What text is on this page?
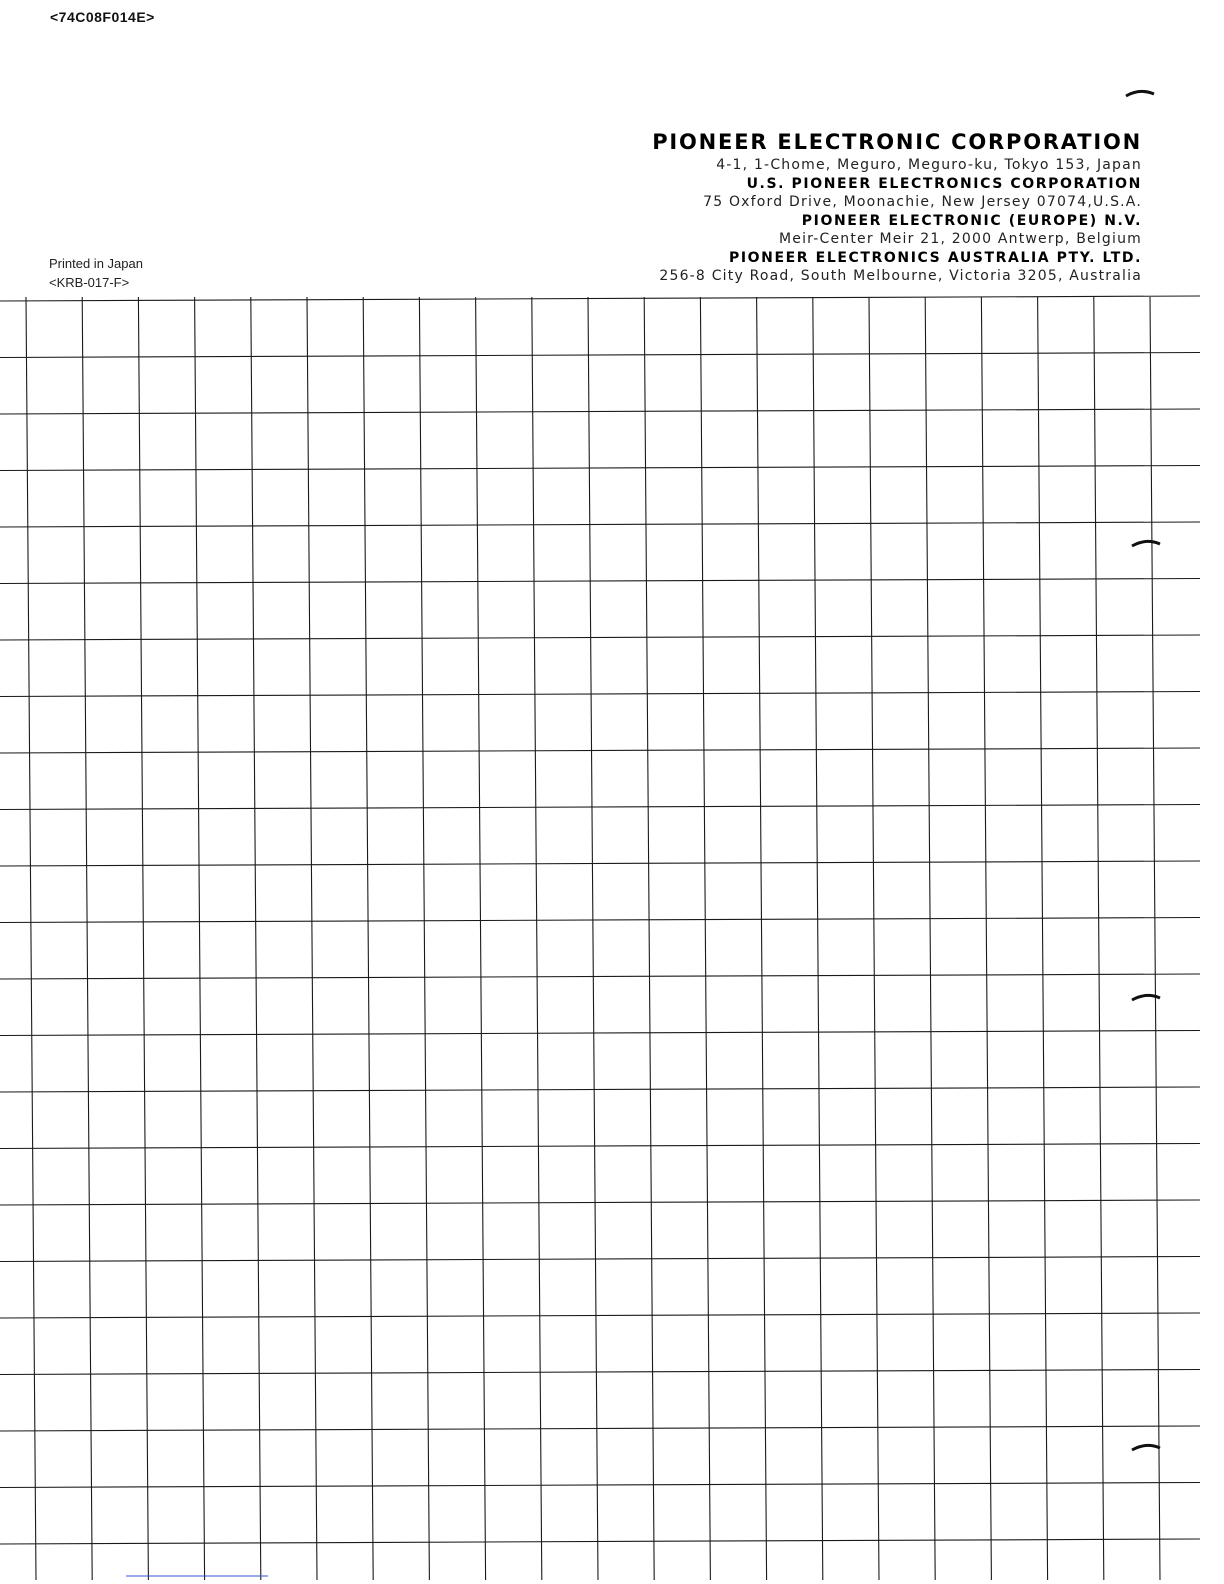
<74C08F014E>
Printed in Japan
<KRB-017-F>
PIONEER ELECTRONIC CORPORATION
4-1, 1-Chome, Meguro, Meguro-ku, Tokyo 153, Japan
U.S. PIONEER ELECTRONICS CORPORATION
75 Oxford Drive, Moonachie, New Jersey 07074,U.S.A.
PIONEER ELECTRONIC (EUROPE) N.V.
Meir-Center Meir 21, 2000 Antwerp, Belgium
PIONEER ELECTRONICS AUSTRALIA PTY. LTD.
256-8 City Road, South Melbourne, Victoria 3205, Australia
